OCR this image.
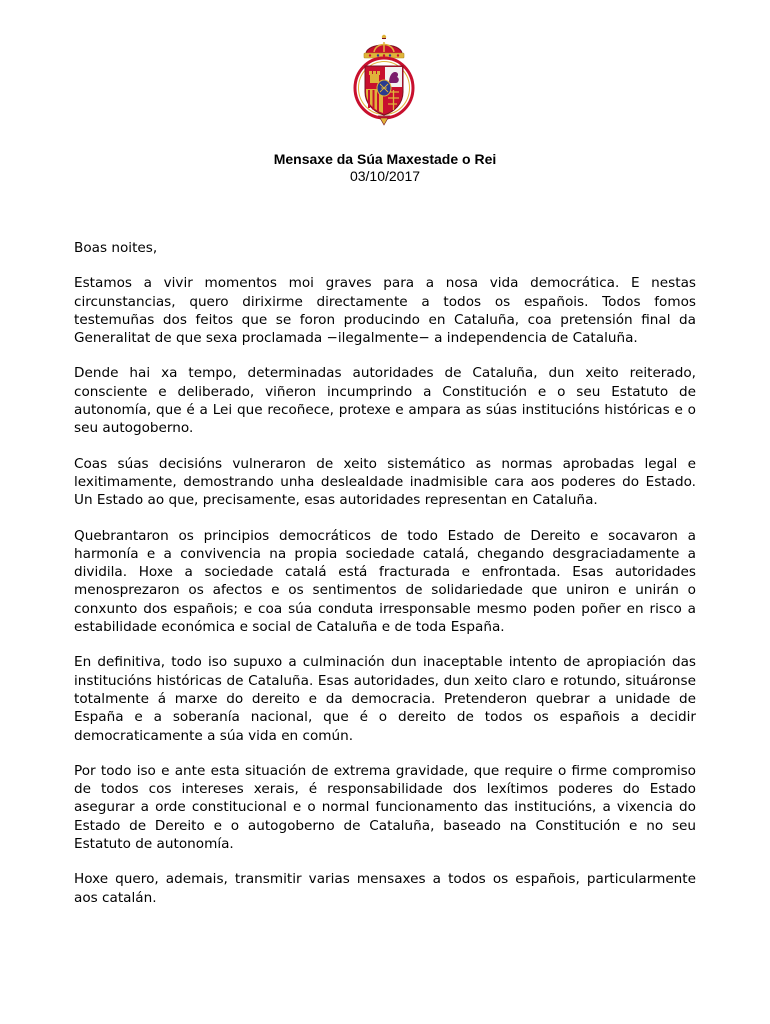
Mensaxe da Súa Maxestade o Rei
03/10/2017

Boas noites,

Estamos a vivir momentos moi graves para a nosa vida democrática. E nestas circunstancias, quero dirixirme directamente a todos os españois. Todos fomos testemuñas dos feitos que se foron producindo en Cataluña, coa pretensión final da Generalitat de que sexa proclamada −ilegalmente− a independencia de Cataluña.

Dende hai xa tempo, determinadas autoridades de Cataluña, dun xeito reiterado, consciente e deliberado, viñeron incumprindo a Constitución e o seu Estatuto de autonomía, que é a Lei que recoñece, protexe e ampara as súas institucións históricas e o seu autogoberno.

Coas súas decisións vulneraron de xeito sistemático as normas aprobadas legal e lexitimamente, demostrando unha deslealdade inadmisible cara aos poderes do Estado. Un Estado ao que, precisamente, esas autoridades representan en Cataluña.

Quebrantaron os principios democráticos de todo Estado de Dereito e socavaron a harmonía e a convivencia na propia sociedade catalá, chegando desgraciadamente a dividila. Hoxe a sociedade catalá está fracturada e enfrontada. Esas autoridades menosprezaron os afectos e os sentimentos de solidariedade que uniron e unirán o conxunto dos españois; e coa súa conduta irresponsable mesmo poden poñer en risco a estabilidade económica e social de Cataluña e de toda España.

En definitiva, todo iso supuxo a culminación dun inaceptable intento de apropiación das institucións históricas de Cataluña. Esas autoridades, dun xeito claro e rotundo, situáronse totalmente á marxe do dereito e da democracia. Pretenderon quebrar a unidade de España e a soberanía nacional, que é o dereito de todos os españois a decidir democraticamente a súa vida en común.

Por todo iso e ante esta situación de extrema gravidade, que require o firme compromiso de todos cos intereses xerais, é responsabilidade dos lexítimos poderes do Estado asegurar a orde constitucional e o normal funcionamento das institucións, a vixencia do Estado de Dereito e o autogoberno de Cataluña, baseado na Constitución e no seu Estatuto de autonomía.

Hoxe quero, ademais, transmitir varias mensaxes a todos os españois, particularmente aos catalán.
